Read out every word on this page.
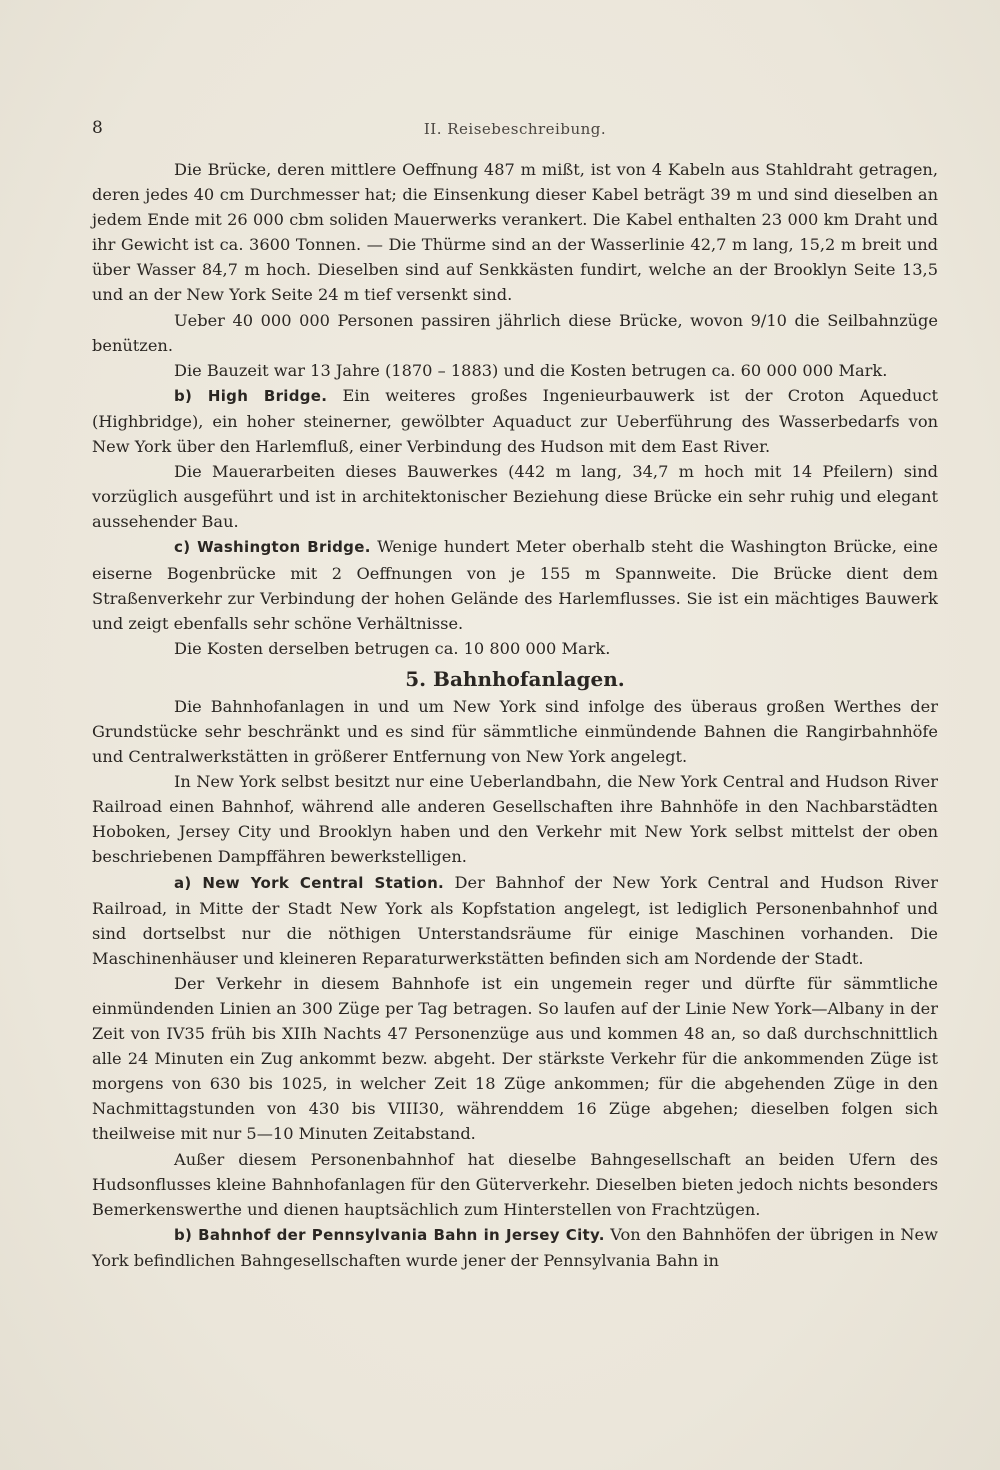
8	II. Reisebeschreibung.

Die Brücke, deren mittlere Oeffnung 487 m mißt, ist von 4 Kabeln aus Stahldraht getragen, deren jedes 40 cm Durchmesser hat; die Einsenkung dieser Kabel beträgt 39 m und sind dieselben an jedem Ende mit 26 000 cbm soliden Mauerwerks verankert. Die Kabel enthalten 23 000 km Draht und ihr Gewicht ist ca. 3600 Tonnen. — Die Thürme sind an der Wasserlinie 42,7 m lang, 15,2 m breit und über Wasser 84,7 m hoch. Dieselben sind auf Senkkästen fundirt, welche an der Brooklyn Seite 13,5 und an der New York Seite 24 m tief versenkt sind.

Ueber 40 000 000 Personen passiren jährlich diese Brücke, wovon 9/10 die Seilbahnzüge benützen.

Die Bauzeit war 13 Jahre (1870 – 1883) und die Kosten betrugen ca. 60 000 000 Mark.

b) High Bridge. Ein weiteres großes Ingenieurbauwerk ist der Croton Aqueduct (Highbridge), ein hoher steinerner, gewölbter Aquaduct zur Ueberführung des Wasserbedarfs von New York über den Harlemfluß, einer Verbindung des Hudson mit dem East River.

Die Mauerarbeiten dieses Bauwerkes (442 m lang, 34,7 m hoch mit 14 Pfeilern) sind vorzüglich ausgeführt und ist in architektonischer Beziehung diese Brücke ein sehr ruhig und elegant aussehender Bau.

c) Washington Bridge. Wenige hundert Meter oberhalb steht die Washington Brücke, eine eiserne Bogenbrücke mit 2 Oeffnungen von je 155 m Spannweite. Die Brücke dient dem Straßenverkehr zur Verbindung der hohen Gelände des Harlemflusses. Sie ist ein mächtiges Bauwerk und zeigt ebenfalls sehr schöne Verhältnisse.

Die Kosten derselben betrugen ca. 10 800 000 Mark.

5. Bahnhofanlagen.

Die Bahnhofanlagen in und um New York sind infolge des überaus großen Werthes der Grundstücke sehr beschränkt und es sind für sämmtliche einmündende Bahnen die Rangirbahnhöfe und Centralwerkstätten in größerer Entfernung von New York angelegt.

In New York selbst besitzt nur eine Ueberlandbahn, die New York Central and Hudson River Railroad einen Bahnhof, während alle anderen Gesellschaften ihre Bahnhöfe in den Nachbarstädten Hoboken, Jersey City und Brooklyn haben und den Verkehr mit New York selbst mittelst der oben beschriebenen Dampffähren bewerkstelligen.

a) New York Central Station. Der Bahnhof der New York Central and Hudson River Railroad, in Mitte der Stadt New York als Kopfstation angelegt, ist lediglich Personenbahnhof und sind dortselbst nur die nöthigen Unterstandsräume für einige Maschinen vorhanden. Die Maschinenhäuser und kleineren Reparaturwerkstätten befinden sich am Nordende der Stadt.

Der Verkehr in diesem Bahnhofe ist ein ungemein reger und dürfte für sämmtliche einmündenden Linien an 300 Züge per Tag betragen. So laufen auf der Linie New York—Albany in der Zeit von IV35 früh bis XIIh Nachts 47 Personenzüge aus und kommen 48 an, so daß durchschnittlich alle 24 Minuten ein Zug ankommt bezw. abgeht. Der stärkste Verkehr für die ankommenden Züge ist morgens von 630 bis 1025, in welcher Zeit 18 Züge ankommen; für die abgehenden Züge in den Nachmittagstunden von 430 bis VIII30, währenddem 16 Züge abgehen; dieselben folgen sich theilweise mit nur 5—10 Minuten Zeitabstand.

Außer diesem Personenbahnhof hat dieselbe Bahngesellschaft an beiden Ufern des Hudsonflusses kleine Bahnhofanlagen für den Güterverkehr. Dieselben bieten jedoch nichts besonders Bemerkenswerthe und dienen hauptsächlich zum Hinterstellen von Frachtzügen.

b) Bahnhof der Pennsylvania Bahn in Jersey City. Von den Bahnhöfen der übrigen in New York befindlichen Bahngesellschaften wurde jener der Pennsylvania Bahn in
